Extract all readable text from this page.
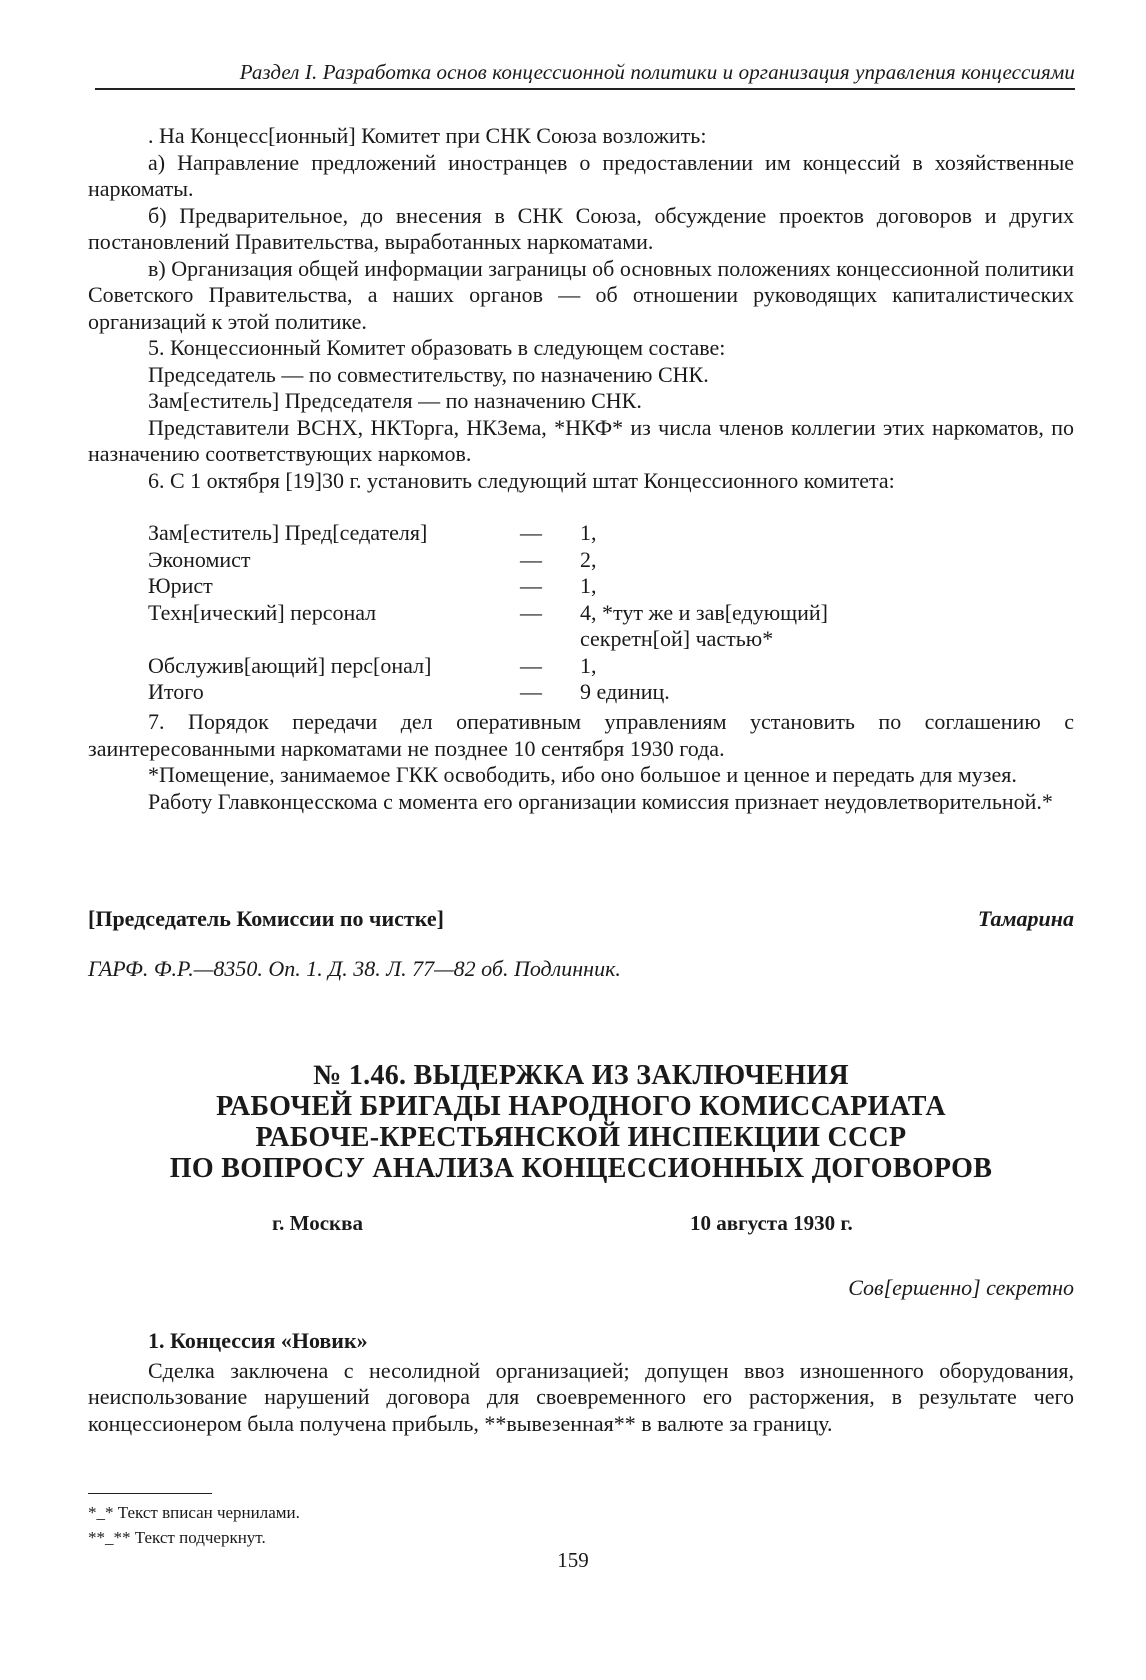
Раздел I. Разработка основ концессионной политики и организация управления концессиями

. На Концесс[ионный] Комитет при СНК Союза возложить:

а) Направление предложений иностранцев о предоставлении им концессий в хозяйственные наркоматы.

б) Предварительное, до внесения в СНК Союза, обсуждение проектов договоров и других постановлений Правительства, выработанных наркоматами.

в) Организация общей информации заграницы об основных положениях концессионной политики Советского Правительства, а наших органов — об отношении руководящих капиталистических организаций к этой политике.

5. Концессионный Комитет образовать в следующем составе:

Председатель — по совместительству, по назначению СНК.

Зам[еститель] Председателя — по назначению СНК.

Представители ВСНХ, НКТорга, НКЗема, *НКФ* из числа членов коллегии этих наркоматов, по назначению соответствующих наркомов.

6. С 1 октября [19]30 г. установить следующий штат Концессионного комитета:

Зам[еститель] Пред[седателя]	— 1,
Экономист	— 2,
Юрист	— 1,
Техн[ический] персонал	— 4, *тут же и зав[едующий]
секретн[ой] частью*
Обслужив[ающий] перс[онал]	— 1,
Итого	— 9 единиц.

7. Порядок передачи дел оперативным управлениям установить по соглашению с заинтересованными наркоматами не позднее 10 сентября 1930 года.

*Помещение, занимаемое ГКК освободить, ибо оно большое и ценное и передать для музея.

Работу Главконцесскома с момента его организации комиссия признает неудовлетворительной.*

[Председатель Комиссии по чистке]	Тамарина
ГАРФ. Ф.Р.—8350. Оп. 1. Д. 38. Л. 77—82 об. Подлинник.
№ 1.46. ВЫДЕРЖКА ИЗ ЗАКЛЮЧЕНИЯ
РАБОЧЕЙ БРИГАДЫ НАРОДНОГО КОМИССАРИАТА
РАБОЧЕ-КРЕСТЬЯНСКОЙ ИНСПЕКЦИИ СССР
ПО ВОПРОСУ АНАЛИЗА КОНЦЕССИОННЫХ ДОГОВОРОВ
г. Москва	10 августа 1930 г.
Сов[ершенно] секретно
1. Концессия «Новик»

Сделка заключена с несолидной организацией; допущен ввоз изношенного оборудования, неиспользование нарушений договора для своевременного его расторжения, в результате чего концессионером была получена прибыль, **вывезенная** в валюте за границу.

*_* Текст вписан чернилами.
**_** Текст подчеркнут.
159
